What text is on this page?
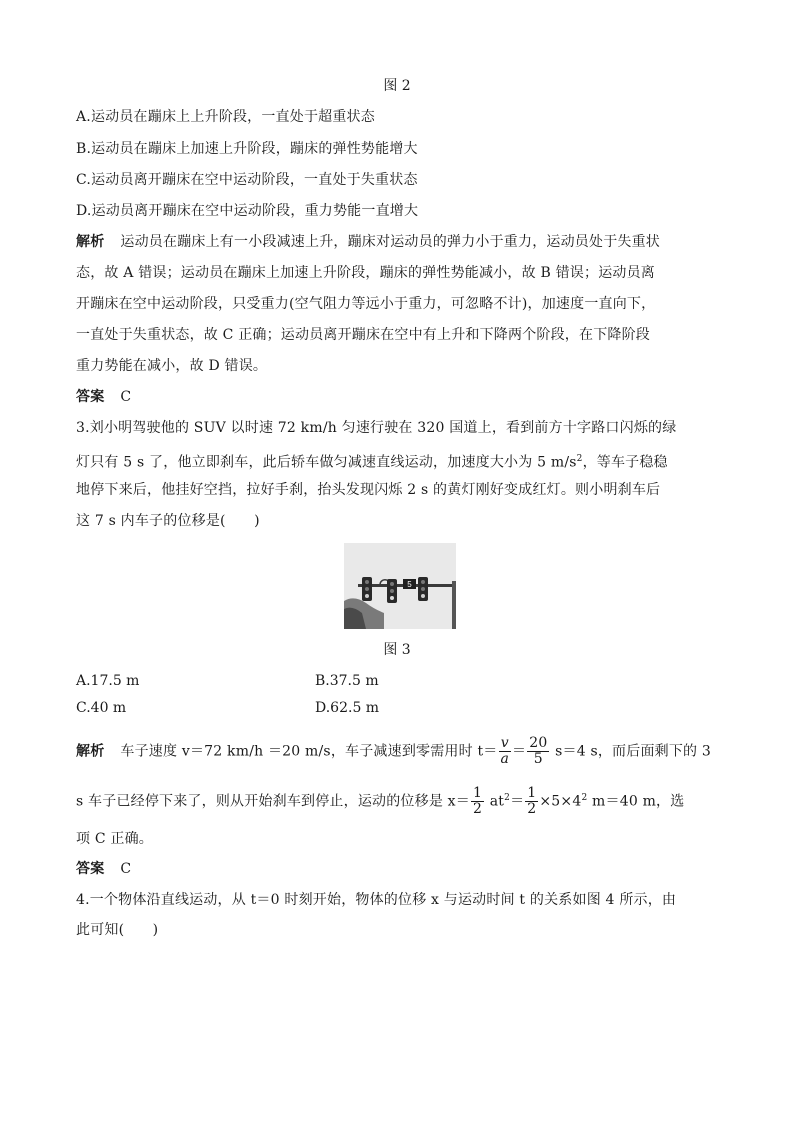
图 2
A.运动员在蹦床上上升阶段，一直处于超重状态
B.运动员在蹦床上加速上升阶段，蹦床的弹性势能增大
C.运动员离开蹦床在空中运动阶段，一直处于失重状态
D.运动员离开蹦床在空中运动阶段，重力势能一直增大
解析 运动员在蹦床上有一小段减速上升，蹦床对运动员的弹力小于重力，运动员处于失重状
态，故 A 错误；运动员在蹦床上加速上升阶段，蹦床的弹性势能减小，故 B 错误；运动员离
开蹦床在空中运动阶段，只受重力(空气阻力等远小于重力，可忽略不计)，加速度一直向下，
一直处于失重状态，故 C 正确；运动员离开蹦床在空中有上升和下降两个阶段，在下降阶段
重力势能在减小，故 D 错误。
答案 C
3.刘小明驾驶他的 SUV 以时速 72 km/h 匀速行驶在 320 国道上，看到前方十字路口闪烁的绿
灯只有 5 s 了，他立即刹车，此后轿车做匀减速直线运动，加速度大小为 5 $m/s^2$，等车子稳稳
地停下来后，他挂好空挡，拉好手刹，抬头发现闪烁 2 s 的黄灯刚好变成红灯。则小明刹车后
这 7 s 内车子的位移是(　　)
5
图 3
A.17.5 m	B.37.5 m
C.40 m	D.62.5 m
解析 车子速度 v＝72 km/h ＝20 m/s，车子减速到零需用时 $t= \frac{v}{a} = \frac{20}{5} s=4$ s，而后面剩下的 3
s 车子已经停下来了，则从开始刹车到停止，运动的位移是 $x= \frac{1}{2} at^2= \frac{1}{2} \times 5\times 4^2$ m＝40 m，选
项 C 正确。
答案 C
4.一个物体沿直线运动，从 t＝0 时刻开始，物体的位移 x 与运动时间 t 的关系如图 4 所示，由
此可知(　　)
